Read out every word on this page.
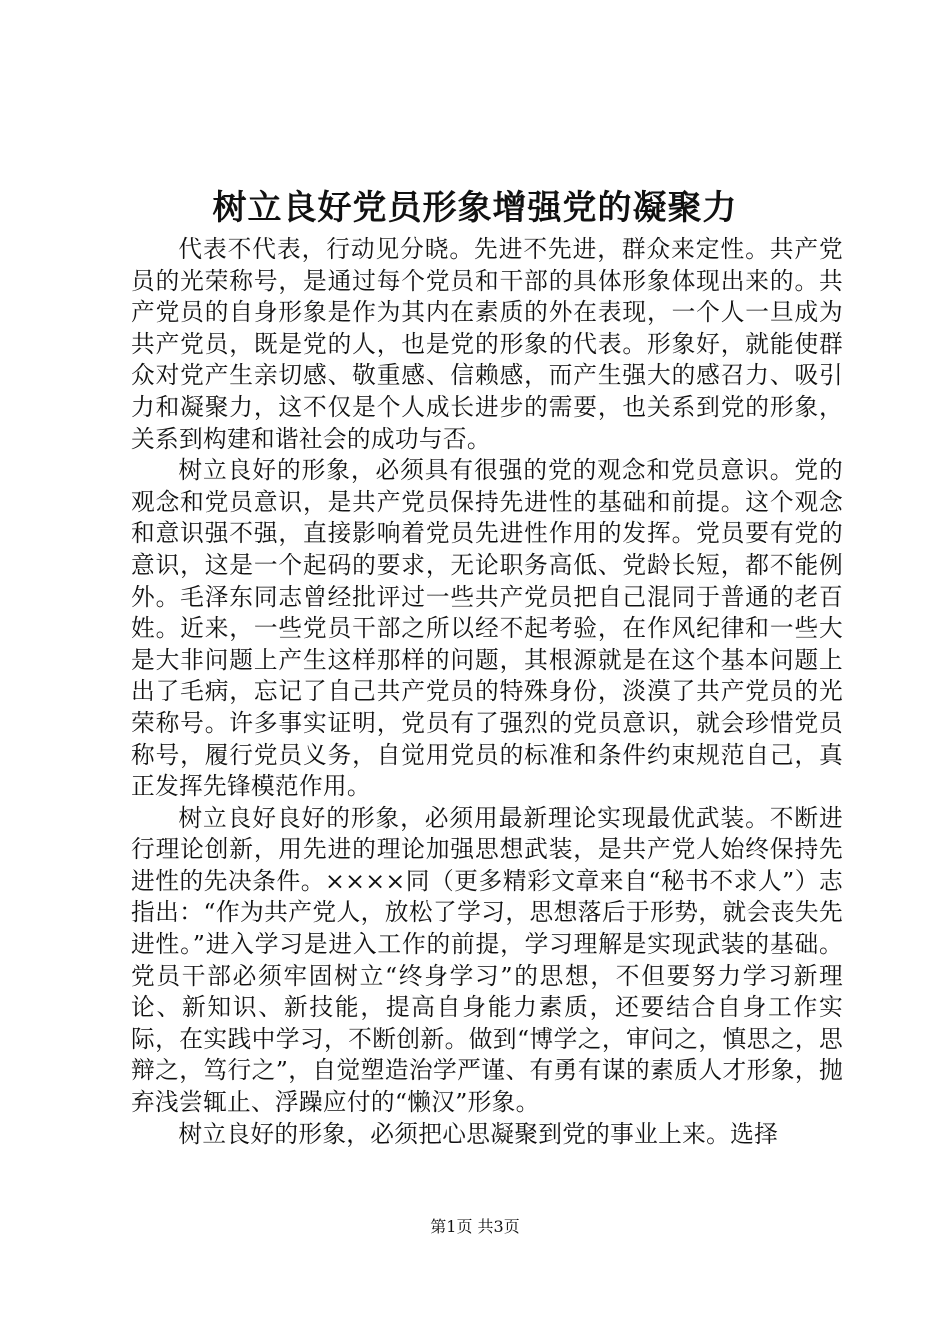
树立良好党员形象增强党的凝聚力

代表不代表，行动见分晓。先进不先进，群众来定性。共产党员的光荣称号，是通过每个党员和干部的具体形象体现出来的。共产党员的自身形象是作为其内在素质的外在表现，一个人一旦成为共产党员，既是党的人，也是党的形象的代表。形象好，就能使群众对党产生亲切感、敬重感、信赖感，而产生强大的感召力、吸引力和凝聚力，这不仅是个人成长进步的需要，也关系到党的形象，关系到构建和谐社会的成功与否。

树立良好的形象，必须具有很强的党的观念和党员意识。党的观念和党员意识，是共产党员保持先进性的基础和前提。这个观念和意识强不强，直接影响着党员先进性作用的发挥。党员要有党的意识，这是一个起码的要求，无论职务高低、党龄长短，都不能例外。毛泽东同志曾经批评过一些共产党员把自己混同于普通的老百姓。近来，一些党员干部之所以经不起考验，在作风纪律和一些大是大非问题上产生这样那样的问题，其根源就是在这个基本问题上出了毛病，忘记了自己共产党员的特殊身份，淡漠了共产党员的光荣称号。许多事实证明，党员有了强烈的党员意识，就会珍惜党员称号，履行党员义务，自觉用党员的标准和条件约束规范自己，真正发挥先锋模范作用。

树立良好良好的形象，必须用最新理论实现最优武装。不断进行理论创新，用先进的理论加强思想武装，是共产党人始终保持先进性的先决条件。××××同（更多精彩文章来自“秘书不求人”）志指出：“作为共产党人，放松了学习，思想落后于形势，就会丧失先进性。”进入学习是进入工作的前提，学习理解是实现武装的基础。党员干部必须牢固树立“终身学习”的思想，不但要努力学习新理论、新知识、新技能，提高自身能力素质，还要结合自身工作实际，在实践中学习，不断创新。做到“博学之，审问之，慎思之，思辩之，笃行之”，自觉塑造治学严谨、有勇有谋的素质人才形象，抛弃浅尝辄止、浮躁应付的“懒汉”形象。

树立良好的形象，必须把心思凝聚到党的事业上来。选择

第1页 共3页
